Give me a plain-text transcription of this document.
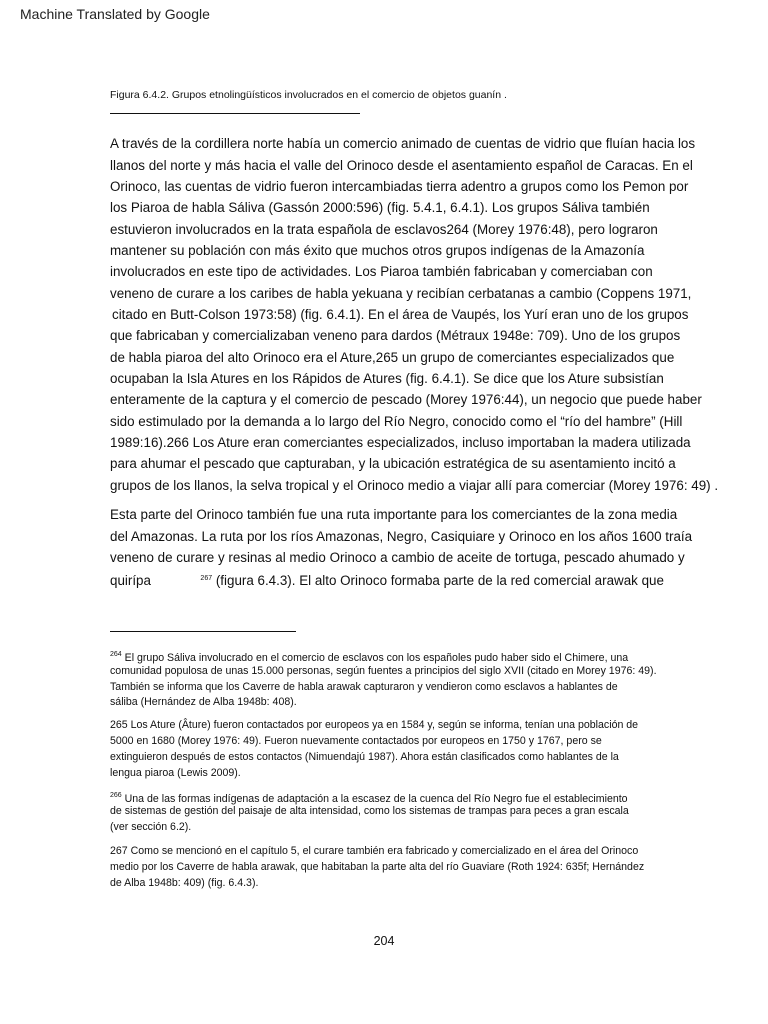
Machine Translated by Google
Figura 6.4.2. Grupos etnolingüísticos involucrados en el comercio de objetos guanín .
A través de la cordillera norte había un comercio animado de cuentas de vidrio que fluían hacia los
llanos del norte y más hacia el valle del Orinoco desde el asentamiento español de Caracas. En el
Orinoco, las cuentas de vidrio fueron intercambiadas tierra adentro a grupos como los Pemon por
los Piaroa de habla Sáliva (Gassón 2000:596) (fig. 5.4.1, 6.4.1). Los grupos Sáliva también
estuvieron involucrados en la trata española de esclavos264 (Morey 1976:48), pero lograron
mantener su población con más éxito que muchos otros grupos indígenas de la Amazonía
involucrados en este tipo de actividades. Los Piaroa también fabricaban y comerciaban con
veneno de curare a los caribes de habla yekuana y recibían cerbatanas a cambio (Coppens 1971,
citado en Butt-Colson 1973:58) (fig. 6.4.1). En el área de Vaupés, los Yurí eran uno de los grupos
que fabricaban y comercializaban veneno para dardos (Métraux 1948e: 709). Uno de los grupos
de habla piaroa del alto Orinoco era el Ature,265 un grupo de comerciantes especializados que
ocupaban la Isla Atures en los Rápidos de Atures (fig. 6.4.1). Se dice que los Ature subsistían
enteramente de la captura y el comercio de pescado (Morey 1976:44), un negocio que puede haber
sido estimulado por la demanda a lo largo del Río Negro, conocido como el “río del hambre” (Hill
1989:16).266 Los Ature eran comerciantes especializados, incluso importaban la madera utilizada
para ahumar el pescado que capturaban, y la ubicación estratégica de su asentamiento incitó a
grupos de los llanos, la selva tropical y el Orinoco medio a viajar allí para comerciar (Morey 1976: 49) .
Esta parte del Orinoco también fue una ruta importante para los comerciantes de la zona media
del Amazonas. La ruta por los ríos Amazonas, Negro, Casiquiare y Orinoco en los años 1600 traía
veneno de curare y resinas al medio Orinoco a cambio de aceite de tortuga, pescado ahumado y
quirípa	$^{267}$ (figura 6.4.3). El alto Orinoco formaba parte de la red comercial arawak que
$^{264}$ El grupo Sáliva involucrado en el comercio de esclavos con los españoles pudo haber sido el Chimere, una
comunidad populosa de unas 15.000 personas, según fuentes a principios del siglo XVII (citado en Morey 1976: 49).
También se informa que los Caverre de habla arawak capturaron y vendieron como esclavos a hablantes de
sáliba (Hernández de Alba 1948b: 408).
265 Los Ature (Âture) fueron contactados por europeos ya en 1584 y, según se informa, tenían una población de
5000 en 1680 (Morey 1976: 49). Fueron nuevamente contactados por europeos en 1750 y 1767, pero se
extinguieron después de estos contactos (Nimuendajú 1987). Ahora están clasificados como hablantes de la
lengua piaroa (Lewis 2009).
$^{266}$ Una de las formas indígenas de adaptación a la escasez de la cuenca del Río Negro fue el establecimiento
de sistemas de gestión del paisaje de alta intensidad, como los sistemas de trampas para peces a gran escala
(ver sección 6.2).
267 Como se mencionó en el capítulo 5, el curare también era fabricado y comercializado en el área del Orinoco
medio por los Caverre de habla arawak, que habitaban la parte alta del río Guaviare (Roth 1924: 635f; Hernández
de Alba 1948b: 409) (fig. 6.4.3).
204
